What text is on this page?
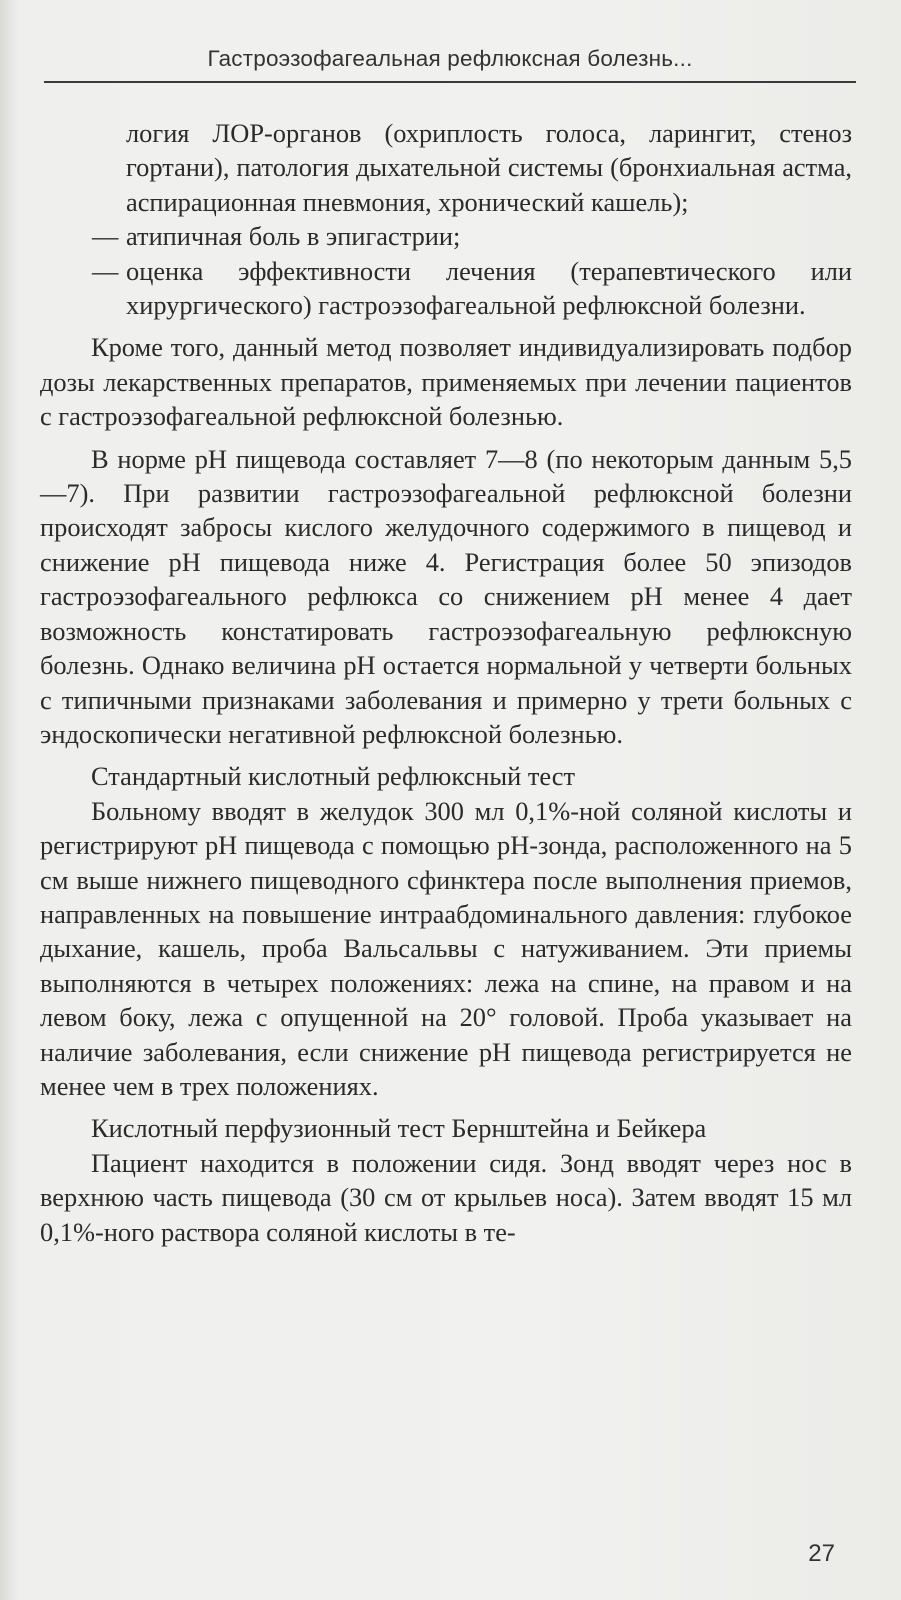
Гастроэзофагеальная рефлюксная болезнь...

логия ЛОР-органов (охриплость голоса, ларингит, стеноз гортани), патология дыхательной системы (бронхиальная астма, аспирационная пневмония, хронический кашель);

— атипичная боль в эпигастрии;

— оценка эффективности лечения (терапевтического или хирургического) гастроэзофагеальной рефлюксной болезни.

Кроме того, данный метод позволяет индивидуализировать подбор дозы лекарственных препаратов, применяемых при лечении пациентов с гастроэзофагеальной рефлюксной болезнью.

В норме pH пищевода составляет 7—8 (по некоторым данным 5,5—7). При развитии гастроэзофагеальной рефлюксной болезни происходят забросы кислого желудочного содержимого в пищевод и снижение pH пищевода ниже 4. Регистрация более 50 эпизодов гастроэзофагеального рефлюкса со снижением pH менее 4 дает возможность констатировать гастроэзофагеальную рефлюксную болезнь. Однако величина pH остается нормальной у четверти больных с типичными признаками заболевания и примерно у трети больных с эндоскопически негативной рефлюксной болезнью.

Стандартный кислотный рефлюксный тест

Больному вводят в желудок 300 мл 0,1%-ной соляной кислоты и регистрируют pH пищевода с помощью pH-зонда, расположенного на 5 см выше нижнего пищеводного сфинктера после выполнения приемов, направленных на повышение интраабдоминального давления: глубокое дыхание, кашель, проба Вальсальвы с натуживанием. Эти приемы выполняются в четырех положениях: лежа на спине, на правом и на левом боку, лежа с опущенной на 20° головой. Проба указывает на наличие заболевания, если снижение pH пищевода регистрируется не менее чем в трех положениях.

Кислотный перфузионный тест Бернштейна и Бейкера

Пациент находится в положении сидя. Зонд вводят через нос в верхнюю часть пищевода (30 см от крыльев носа). Затем вводят 15 мл 0,1%-ного раствора соляной кислоты в те-

27
